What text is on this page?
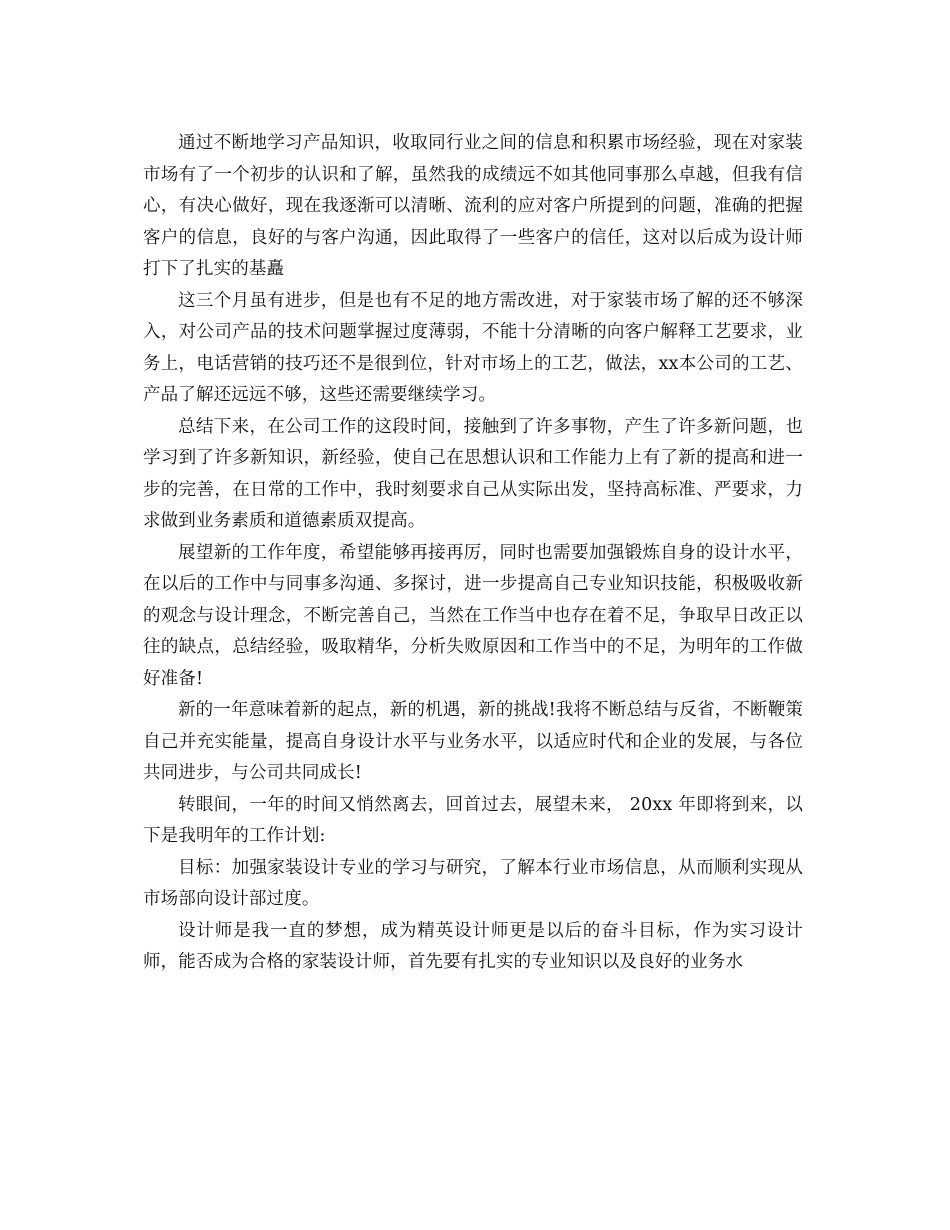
通过不断地学习产品知识，收取同行业之间的信息和积累市场经验，现在对家装市场有了一个初步的认识和了解，虽然我的成绩远不如其他同事那么卓越，但我有信心，有决心做好，现在我逐渐可以清晰、流利的应对客户所提到的问题，准确的把握客户的信息，良好的与客户沟通，因此取得了一些客户的信任，这对以后成为设计师打下了扎实的基矗

这三个月虽有进步，但是也有不足的地方需改进，对于家装市场了解的还不够深入，对公司产品的技术问题掌握过度薄弱，不能十分清晰的向客户解释工艺要求，业务上，电话营销的技巧还不是很到位，针对市场上的工艺，做法，xx本公司的工艺、产品了解还远远不够，这些还需要继续学习。

总结下来，在公司工作的这段时间，接触到了许多事物，产生了许多新问题，也学习到了许多新知识，新经验，使自己在思想认识和工作能力上有了新的提高和进一步的完善，在日常的工作中，我时刻要求自己从实际出发，坚持高标准、严要求，力求做到业务素质和道德素质双提高。

展望新的工作年度，希望能够再接再厉，同时也需要加强锻炼自身的设计水平，在以后的工作中与同事多沟通、多探讨，进一步提高自己专业知识技能，积极吸收新的观念与设计理念，不断完善自己，当然在工作当中也存在着不足，争取早日改正以往的缺点，总结经验，吸取精华，分析失败原因和工作当中的不足，为明年的工作做好准备!

新的一年意味着新的起点，新的机遇，新的挑战!我将不断总结与反省，不断鞭策自己并充实能量，提高自身设计水平与业务水平，以适应时代和企业的发展，与各位共同进步，与公司共同成长!

转眼间，一年的时间又悄然离去，回首过去，展望未来， 20xx 年即将到来，以下是我明年的工作计划:

目标：加强家装设计专业的学习与研究，了解本行业市场信息，从而顺利实现从市场部向设计部过度。

设计师是我一直的梦想，成为精英设计师更是以后的奋斗目标，作为实习设计师，能否成为合格的家装设计师，首先要有扎实的专业知识以及良好的业务水
